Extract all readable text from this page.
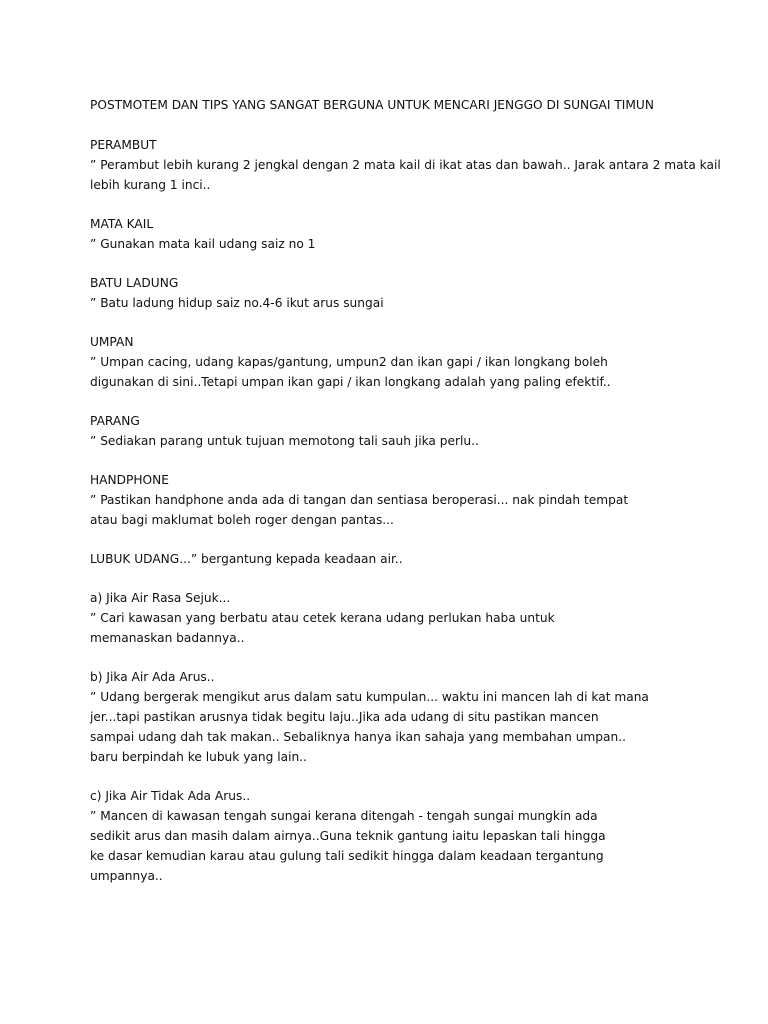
POSTMOTEM DAN TIPS YANG SANGAT BERGUNA UNTUK MENCARI JENGGO DI SUNGAI TIMUN
PERAMBUT
ˮ Perambut lebih kurang 2 jengkal dengan 2 mata kail di ikat atas dan bawah.. Jarak antara 2 mata kail
lebih kurang 1 inci..
MATA KAIL
ˮ Gunakan mata kail udang saiz no 1
BATU LADUNG
ˮ Batu ladung hidup saiz no.4-6 ikut arus sungai
UMPAN
ˮ Umpan cacing, udang kapas/gantung, umpun2 dan ikan gapi / ikan longkang boleh
digunakan di sini..Tetapi umpan ikan gapi / ikan longkang adalah yang paling efektif..
PARANG
ˮ Sediakan parang untuk tujuan memotong tali sauh jika perlu..
HANDPHONE
ˮ Pastikan handphone anda ada di tangan dan sentiasa beroperasi... nak pindah tempat
atau bagi maklumat boleh roger dengan pantas...
LUBUK UDANG...ˮ bergantung kepada keadaan air..
a) Jika Air Rasa Sejuk...
ˮ Cari kawasan yang berbatu atau cetek kerana udang perlukan haba untuk
memanaskan badannya..
b) Jika Air Ada Arus..
ˮ Udang bergerak mengikut arus dalam satu kumpulan... waktu ini mancen lah di kat mana
jer...tapi pastikan arusnya tidak begitu laju..Jika ada udang di situ pastikan mancen
sampai udang dah tak makan.. Sebaliknya hanya ikan sahaja yang membahan umpan..
baru berpindah ke lubuk yang lain..
c) Jika Air Tidak Ada Arus..
ˮ Mancen di kawasan tengah sungai kerana ditengah - tengah sungai mungkin ada
sedikit arus dan masih dalam airnya..Guna teknik gantung iaitu lepaskan tali hingga
ke dasar kemudian karau atau gulung tali sedikit hingga dalam keadaan tergantung
umpannya..
